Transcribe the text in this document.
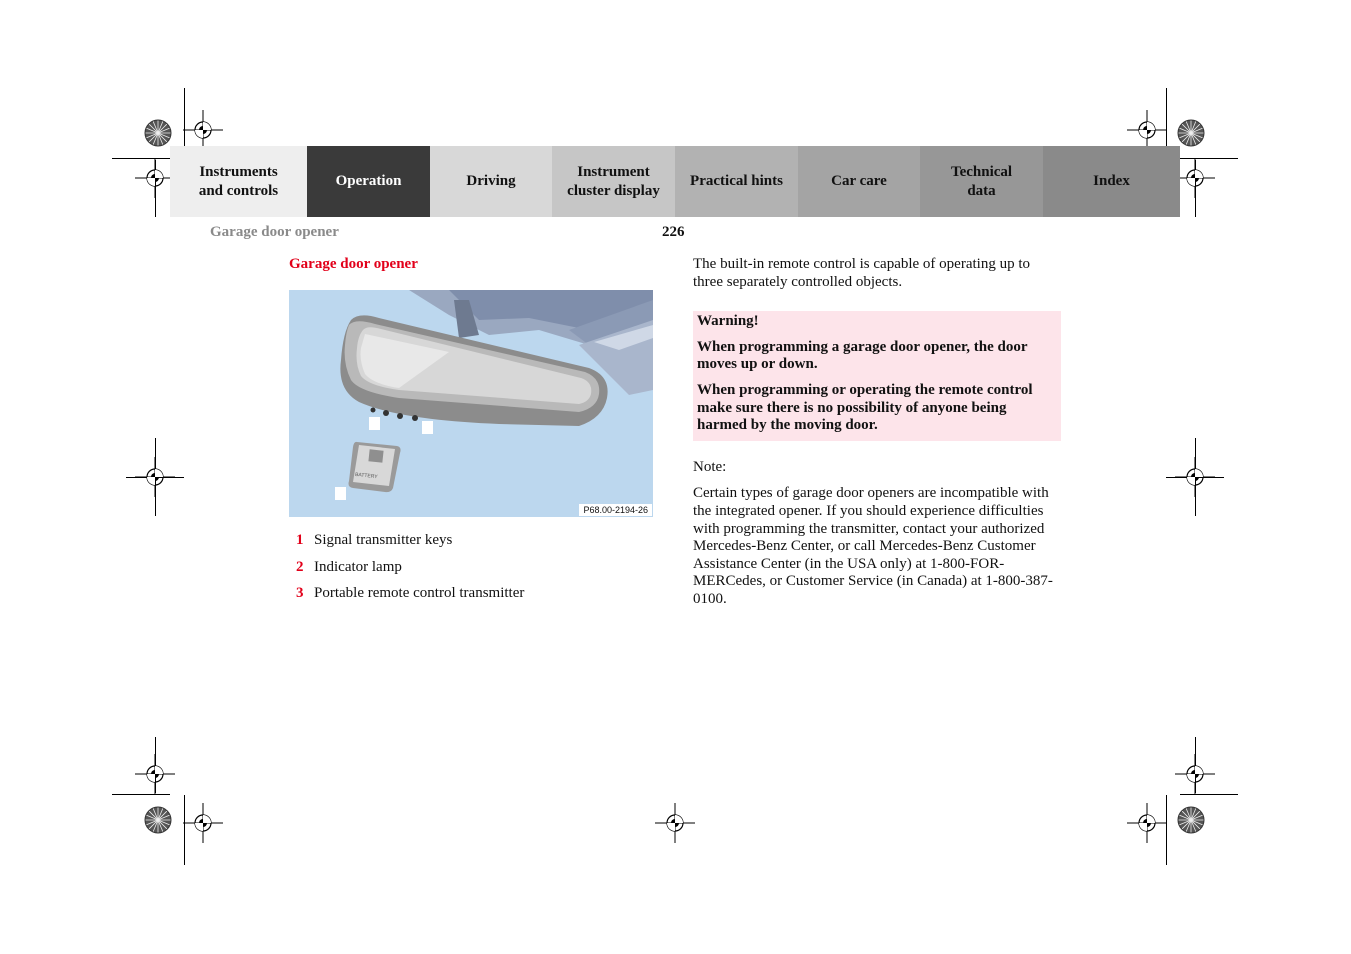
Instruments
and controls
Operation	Driving
Instrument
cluster display
Practical hints	Car care
Technical
data
Index
Garage door opener	226
Garage door opener
BATTERY
P68.00-2194-26
1 Signal transmitter keys
2 Indicator lamp
3 Portable remote control transmitter

The built-in remote control is capable of operating up to three separately controlled objects.

Warning!

When programming a garage door opener, the door moves up or down.

When programming or operating the remote control make sure there is no possibility of anyone being harmed by the moving door.

Note:
Certain types of garage door openers are incompatible with the integrated opener. If you should experience difficulties with programming the transmitter, contact your authorized Mercedes-Benz Center, or call Mercedes-Benz Customer Assistance Center (in the USA only) at 1-800-FOR-MERCedes, or Customer Service (in Canada) at 1-800-387-0100.
